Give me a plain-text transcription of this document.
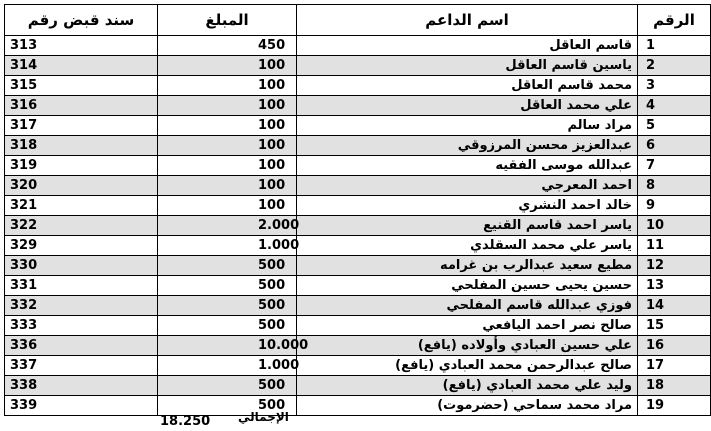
سند قبض رقم	المبلغ	اسم الداعم	الرقم
313	450	قاسم العاقل	1
314	100	ياسين قاسم العاقل	2
315	100	محمد قاسم العاقل	3
316	100	علي محمد العاقل	4
317	100	مراد سالم	5
318	100	عبدالعزيز محسن المرزوقي	6
319	100	عبدالله موسى الفقيه	7
320	100	احمد المعرجي	8
321	100	خالد احمد النشري	9
322	2.000	ياسر احمد قاسم القنيع	10
329	1.000	ياسر علي محمد السقلدي	11
330	500	مطيع سعيد عبدالرب بن غرامه	12
331	500	حسين يحيى حسين المفلحي	13
332	500	فوزي عبدالله قاسم المفلحي	14
333	500	صالح نصر احمد اليافعي	15
336	10.000	علي حسين العبادي وأولاده (يافع)	16
337	1.000	صالح عبدالرحمن محمد العبادي (يافع)	17
338	500	وليد علي محمد العبادي (يافع)	18
339	500	مراد محمد سماحي (حضرموت)	19
18.250 الإجمالي
